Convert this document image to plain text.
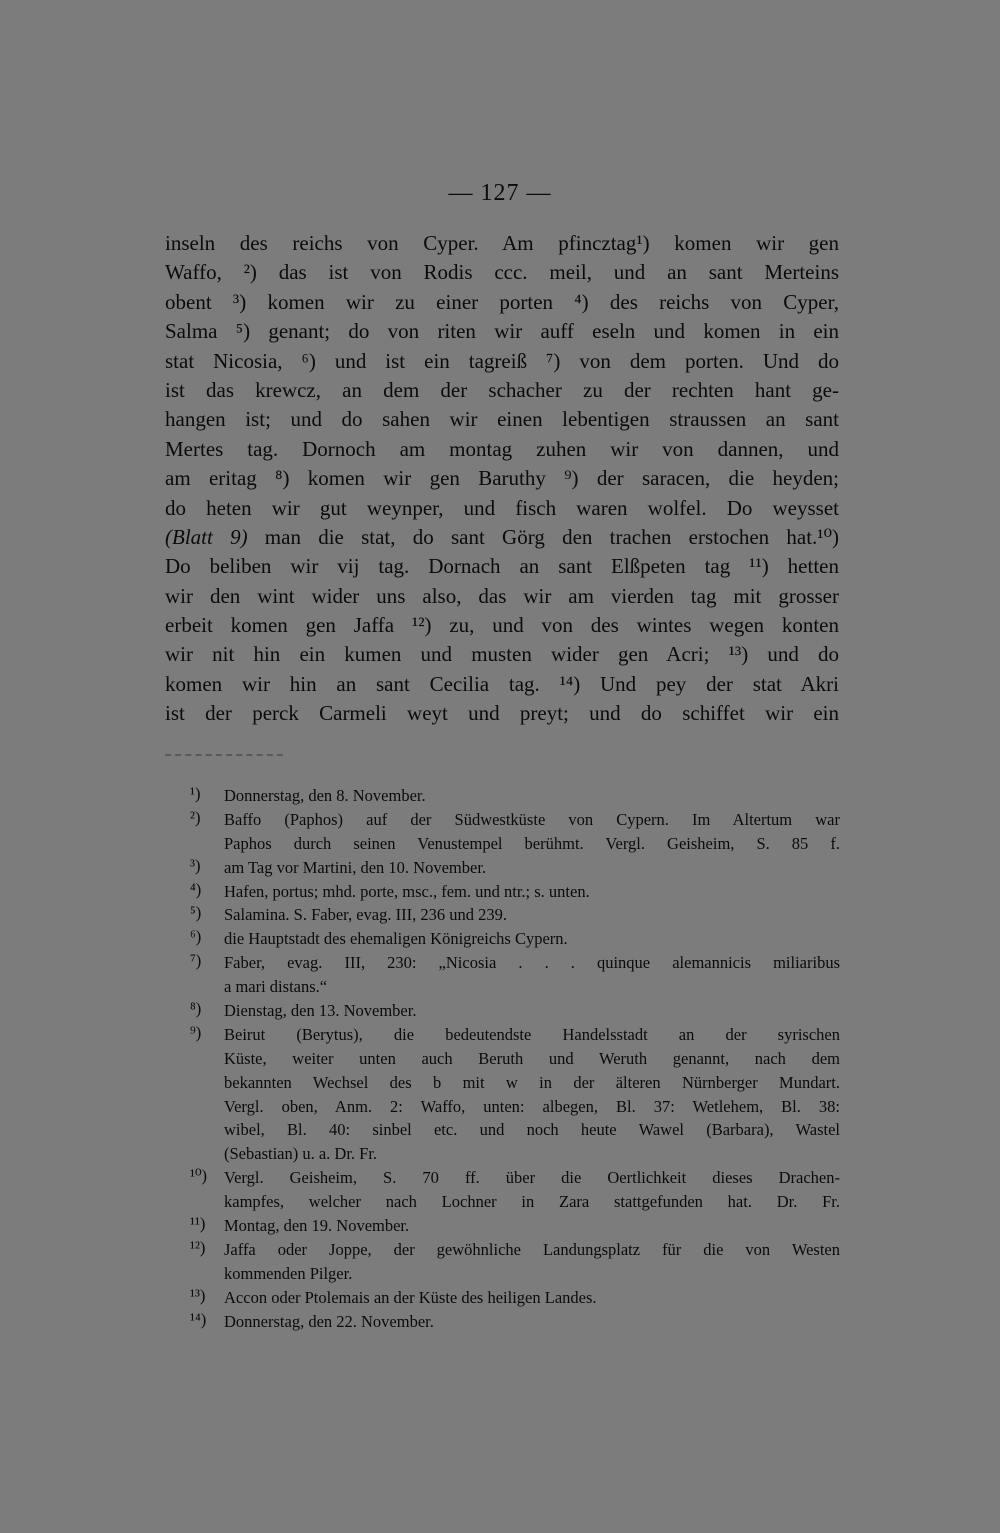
— 127 —
inseln des reichs von Cyper. Am pfincztag¹) komen wir gen
Waffo, ²) das ist von Rodis ccc. meil, und an sant Merteins
obent ³) komen wir zu einer porten ⁴) des reichs von Cyper,
Salma ⁵) genant; do von riten wir auff eseln und komen in ein
stat Nicosia, ⁶) und ist ein tagreiß ⁷) von dem porten. Und do
ist das krewcz, an dem der schacher zu der rechten hant ge-
hangen ist; und do sahen wir einen lebentigen straussen an sant
Mertes tag. Dornoch am montag zuhen wir von dannen, und
am eritag ⁸) komen wir gen Baruthy ⁹) der saracen, die heyden;
do heten wir gut weynper, und fisch waren wolfel. Do weysset
(Blatt 9) man die stat, do sant Görg den trachen erstochen hat.¹⁰)
Do beliben wir vij tag. Dornach an sant Elßpeten tag ¹¹) hetten
wir den wint wider uns also, das wir am vierden tag mit grosser
erbeit komen gen Jaffa ¹²) zu, und von des wintes wegen konten
wir nit hin ein kumen und musten wider gen Acri; ¹³) und do
komen wir hin an sant Cecilia tag. ¹⁴) Und pey der stat Akri
ist der perck Carmeli weyt und preyt; und do schiffet wir ein
¹)	Donnerstag, den 8. November.
²)	Baffo (Paphos) auf der Südwestküste von Cypern. Im Altertum war
Paphos durch seinen Venustempel berühmt. Vergl. Geisheim, S. 85 f.
³)	am Tag vor Martini, den 10. November.
⁴)	Hafen, portus; mhd. porte, msc., fem. und ntr.; s. unten.
⁵)	Salamina. S. Faber, evag. III, 236 und 239.
⁶)	die Hauptstadt des ehemaligen Königreichs Cypern.
⁷)	Faber, evag. III, 230: „Nicosia . . . quinque alemannicis miliaribus
a mari distans.“
⁸)	Dienstag, den 13. November.
⁹)	Beirut (Berytus), die bedeutendste Handelsstadt an der syrischen
Küste, weiter unten auch Beruth und Weruth genannt, nach dem
bekannten Wechsel des b mit w in der älteren Nürnberger Mundart.
Vergl. oben, Anm. 2: Waffo, unten: albegen, Bl. 37: Wetlehem, Bl. 38:
wibel, Bl. 40: sinbel etc. und noch heute Wawel (Barbara), Wastel
(Sebastian) u. a. Dr. Fr.
¹⁰)	Vergl. Geisheim, S. 70 ff. über die Oertlichkeit dieses Drachen-
kampfes, welcher nach Lochner in Zara stattgefunden hat. Dr. Fr.
¹¹)	Montag, den 19. November.
¹²)	Jaffa oder Joppe, der gewöhnliche Landungsplatz für die von Westen
kommenden Pilger.
¹³)	Accon oder Ptolemais an der Küste des heiligen Landes.
¹⁴)	Donnerstag, den 22. November.
